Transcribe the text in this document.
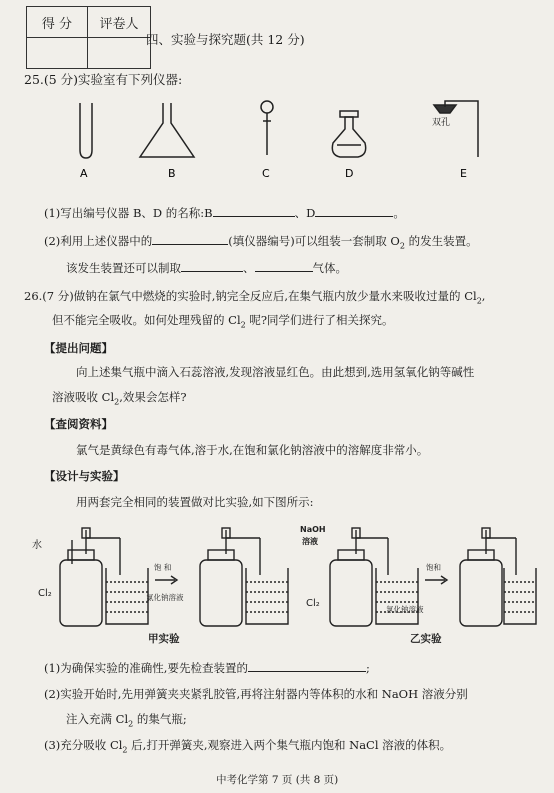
得 分	评卷人

四、实验与探究题(共 12 分)
25.(5 分)实验室有下列仪器:
双孔
A	B	C	D	E
(1)写出编号仪器 B、D 的名称:B	、D	。
(2)利用上述仪器中的	(填仪器编号)可以组装一套制取 $O_2$ 的发生装置。
该发生装置还可以制取	、	气体。
26.(7 分)做钠在氯气中燃烧的实验时,钠完全反应后,在集气瓶内放少量水来吸收过量的 $Cl_2$,
但不能完全吸收。如何处理残留的 $Cl_2$ 呢?同学们进行了相关探究。
【提出问题】
向上述集气瓶中滴入石蕊溶液,发现溶液显红色。由此想到,选用氢氧化钠等碱性
溶液吸收 $Cl_2$,效果会怎样?
【查阅资料】
氯气是黄绿色有毒气体,溶于水,在饱和氯化钠溶液中的溶解度非常小。
【设计与实验】
用两套完全相同的装置做对比实验,如下图所示:
水
Cl₂
饱 和
氯化钠溶液
甲实验
NaOH
溶液
Cl₂
饱和
氯化钠溶液
乙实验
(1)为确保实验的准确性,要先检查装置的	;
(2)实验开始时,先用弹簧夹夹紧乳胶管,再将注射器内等体积的水和 NaOH 溶液分别
注入充满 $Cl_2$ 的集气瓶;
(3)充分吸收 $Cl_2$ 后,打开弹簧夹,观察进入两个集气瓶内饱和 NaCl 溶液的体积。
中考化学第 7 页 (共 8 页)
